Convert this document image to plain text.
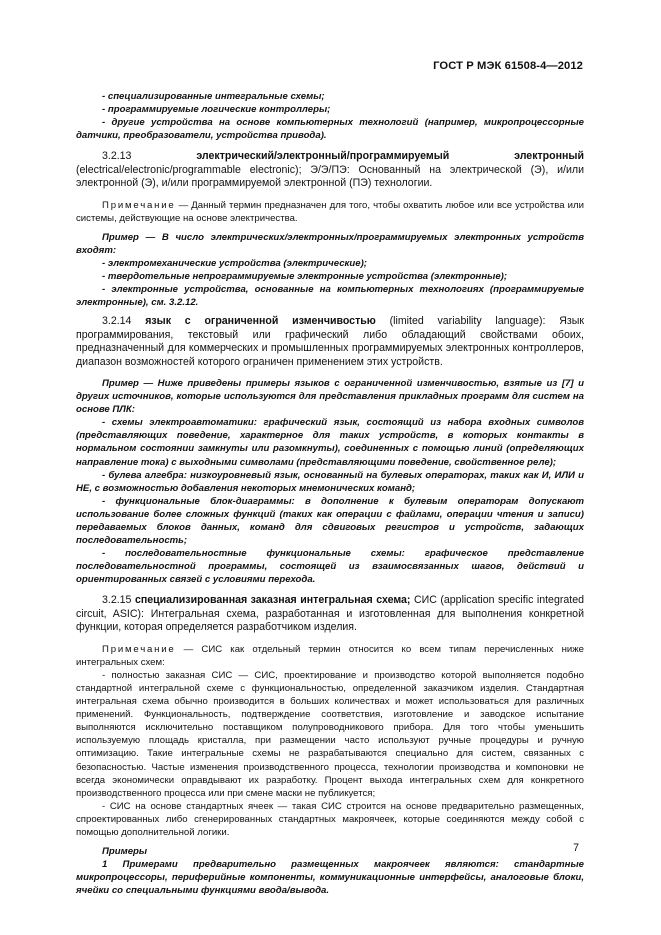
ГОСТ Р МЭК 61508-4—2012

- специализированные интегральные схемы;

- программируемые логические контроллеры;

- другие устройства на основе компьютерных технологий (например, микропроцессорные датчики, преобразователи, устройства привода).

3.2.13	электрический/электронный/программируемый электронный (electrical/electronic/programmable electronic); Э/Э/ПЭ: Основанный на электрической (Э), и/или электронной (Э), и/или программируемой электронной (ПЭ) технологии.

Примечание — Данный термин предназначен для того, чтобы охватить любое или все устройства или системы, действующие на основе электричества.

Пример — В число электрических/электронных/программируемых электронных устройств входят:

- электромеханические устройства (электрические);

- твердотельные непрограммируемые электронные устройства (электронные);

- электронные устройства, основанные на компьютерных технологиях (программируемые электронные), см. 3.2.12.

3.2.14 язык с ограниченной изменчивостью (limited variability language): Язык программирования, текстовый или графический либо обладающий свойствами обоих, предназначенный для коммерческих и промышленных программируемых электронных контроллеров, диапазон возможностей которого ограничен применением этих устройств.

Пример — Ниже приведены примеры языков с ограниченной изменчивостью, взятые из [7] и других источников, которые используются для представления прикладных программ для систем на основе ПЛК:

- схемы электроавтоматики: графический язык, состоящий из набора входных символов (представляющих поведение, характерное для таких устройств, в которых контакты в нормальном состоянии замкнуты или разомкнуты), соединенных с помощью линий (определяющих направление тока) с выходными символами (представляющими поведение, свойственное реле);

- булева алгебра: низкоуровневый язык, основанный на булевых операторах, таких как И, ИЛИ и НЕ, с возможностью добавления некоторых мнемонических команд;

- функциональные блок-диаграммы: в дополнение к булевым операторам допускают использование более сложных функций (таких как операции с файлами, операции чтения и записи) передаваемых блоков данных, команд для сдвиговых регистров и устройств, задающих последовательность;

- последовательностные функциональные схемы: графическое представление последовательностной программы, состоящей из взаимосвязанных шагов, действий и ориентированных связей с условиями перехода.

3.2.15 специализированная заказная интегральная схема; СИС (application specific integrated circuit, ASIC): Интегральная схема, разработанная и изготовленная для выполнения конкретной функции, которая определяется разработчиком изделия.

Примечание — СИС как отдельный термин относится ко всем типам перечисленных ниже интегральных схем:

- полностью заказная СИС — СИС, проектирование и производство которой выполняется подобно стандартной интегральной схеме с функциональностью, определенной заказчиком изделия. Стандартная интегральная схема обычно производится в больших количествах и может использоваться для различных применений. Функциональность, подтверждение соответствия, изготовление и заводское испытание выполняются исключительно поставщиком полупроводникового прибора. Для того чтобы уменьшить используемую площадь кристалла, при размещении часто используют ручные процедуры и ручную оптимизацию. Такие интегральные схемы не разрабатываются специально для систем, связанных с безопасностью. Частые изменения производственного процесса, технологии производства и компоновки не всегда экономически оправдывают их разработку. Процент выхода интегральных схем для конкретного производственного процесса или при смене маски не публикуется;

- СИС на основе стандартных ячеек — такая СИС строится на основе предварительно размещенных, спроектированных либо сгенерированных стандартных макроячеек, которые соединяются между собой с помощью дополнительной логики.

Примеры

1 Примерами предварительно размещенных макроячеек являются: стандартные микропроцессоры, периферийные компоненты, коммуникационные интерфейсы, аналоговые блоки, ячейки со специальными функциями ввода/вывода.

7
